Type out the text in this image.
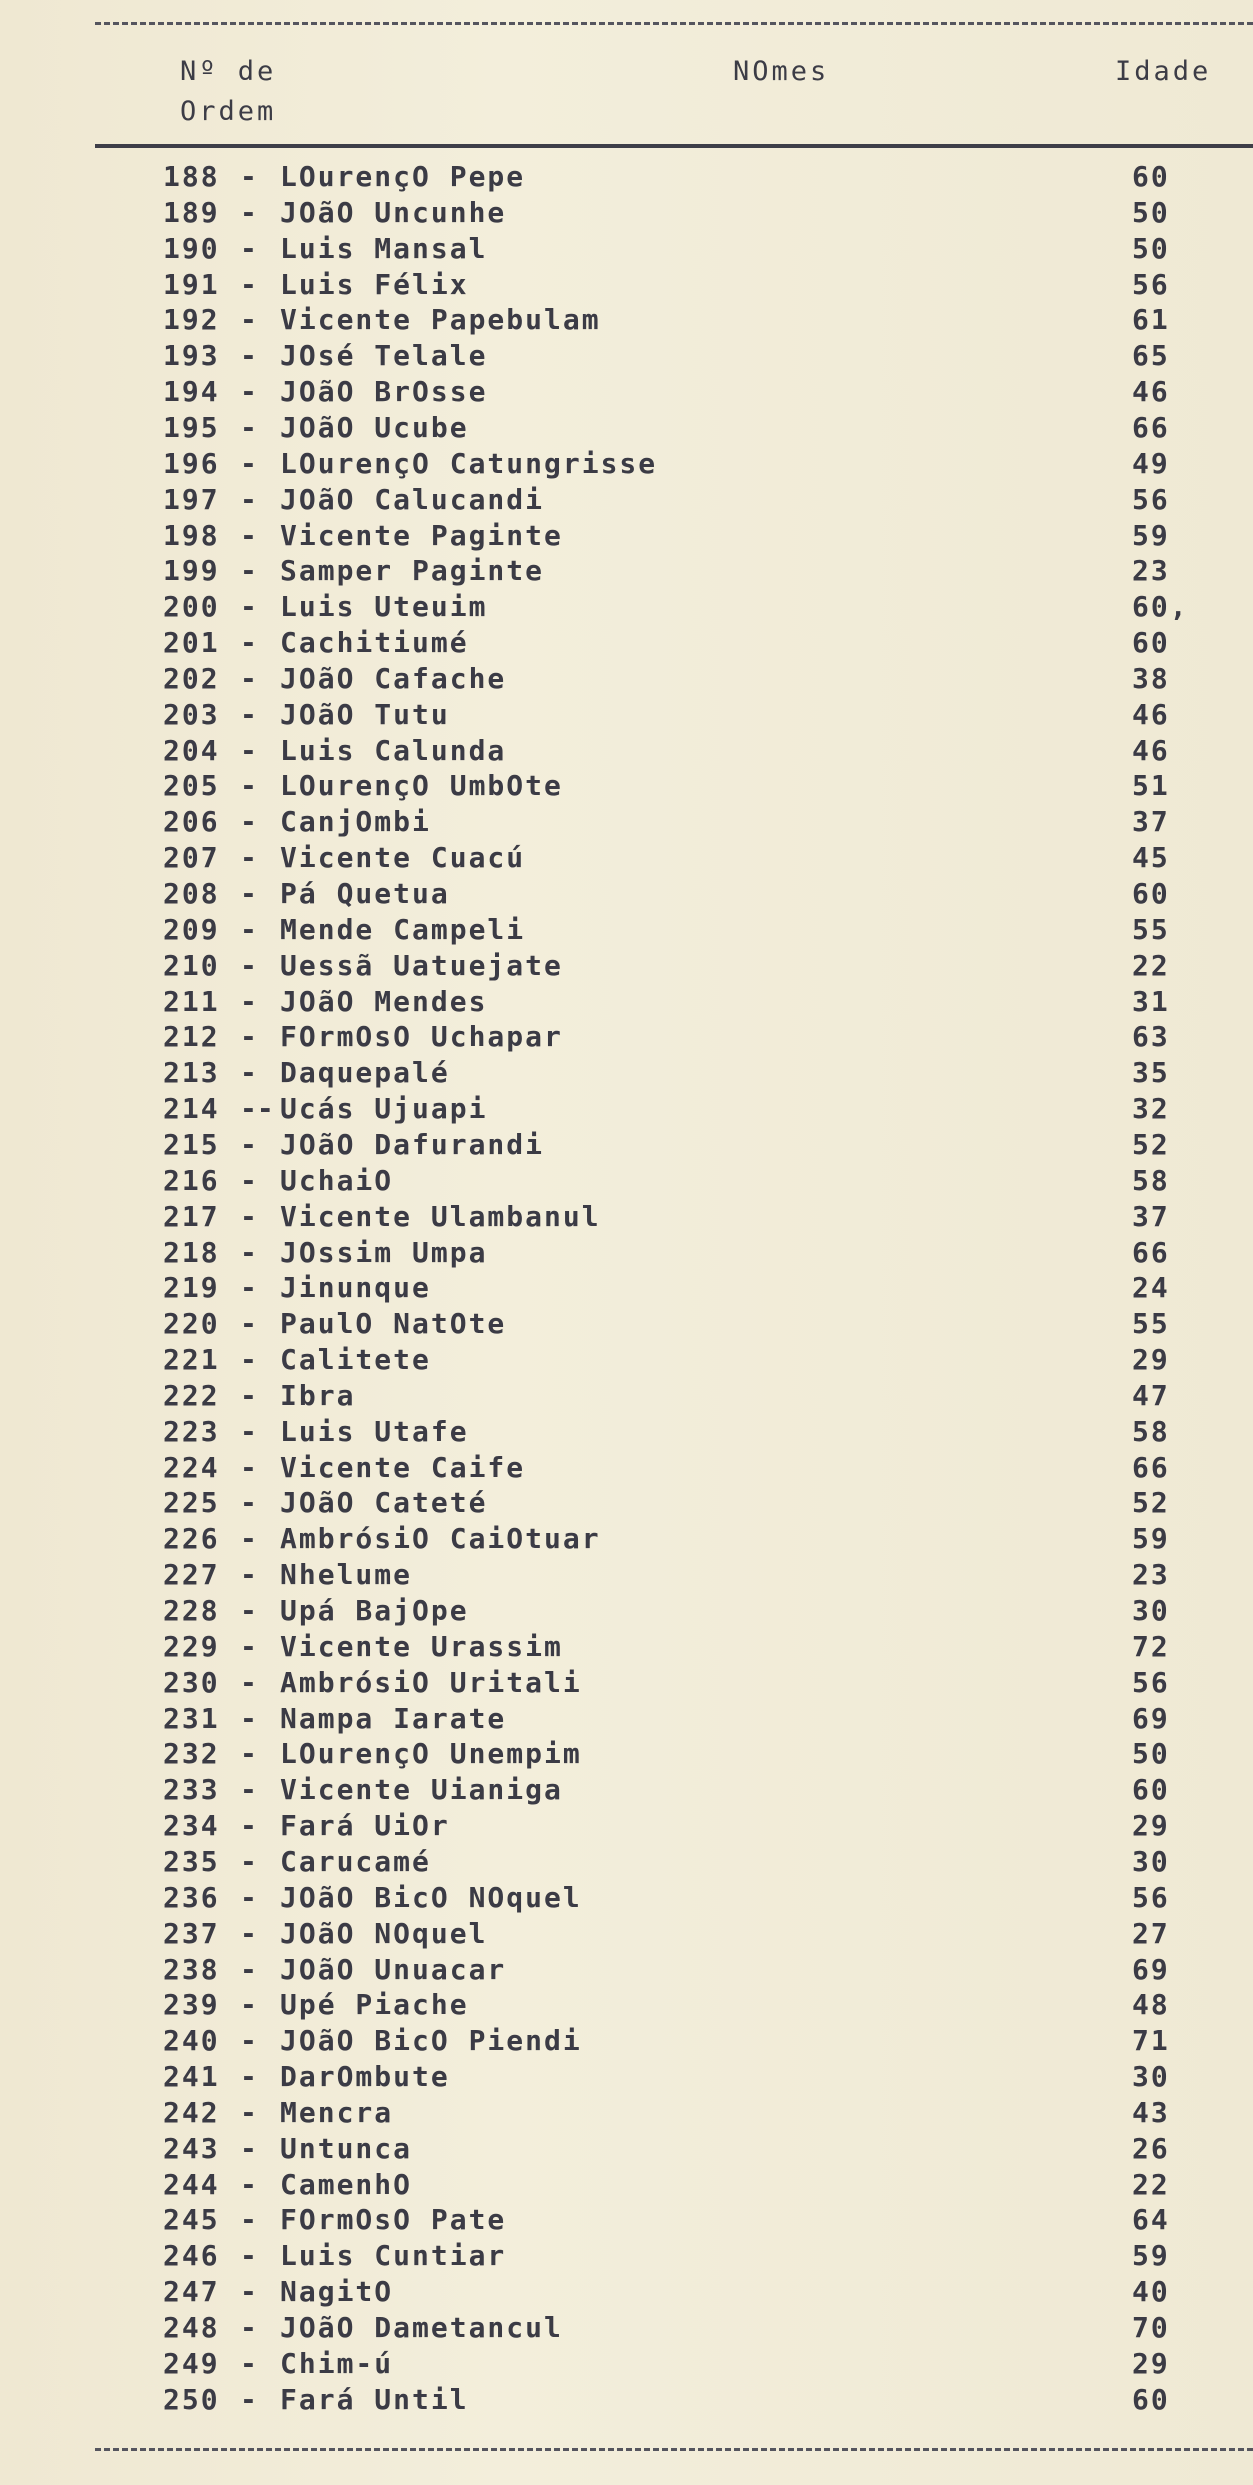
Nº de
Ordem
NOmes	Idade
188 - LOurençO Pepe	60
189 - JOãO Uncunhe	50
190 - Luis Mansal	50
191 - Luis Félix	56
192 - Vicente Papebulam	61
193 - JOsé Telale	65
194 - JOãO BrOsse	46
195 - JOãO Ucube	66
196 - LOurençO Catungrisse	49
197 - JOãO Calucandi	56
198 - Vicente Paginte	59
199 - Samper Paginte	23
200 - Luis Uteuim	60,
201 - Cachitiumé	60
202 - JOãO Cafache	38
203 - JOãO Tutu	46
204 - Luis Calunda	46
205 - LOurençO UmbOte	51
206 - CanjOmbi	37
207 - Vicente Cuacú	45
208 - Pá Quetua	60
209 - Mende Campeli	55
210 - Uessã Uatuejate	22
211 - JOãO Mendes	31
212 - FOrmOsO Uchapar	63
213 - Daquepalé	35
214 -- Ucás Ujuapi	32
215 - JOãO Dafurandi	52
216 - UchaiO	58
217 - Vicente Ulambanul	37
218 - JOssim Umpa	66
219 - Jinunque	24
220 - PaulO NatOte	55
221 - Calitete	29
222 - Ibra	47
223 - Luis Utafe	58
224 - Vicente Caife	66
225 - JOãO Cateté	52
226 - AmbrósiO CaiOtuar	59
227 - Nhelume	23
228 - Upá BajOpe	30
229 - Vicente Urassim	72
230 - AmbrósiO Uritali	56
231 - Nampa Iarate	69
232 - LOurençO Unempim	50
233 - Vicente Uianiga	60
234 - Fará UiOr	29
235 - Carucamé	30
236 - JOãO BicO NOquel	56
237 - JOãO NOquel	27
238 - JOãO Unuacar	69
239 - Upé Piache	48
240 - JOãO BicO Piendi	71
241 - DarOmbute	30
242 - Mencra	43
243 - Untunca	26
244 - CamenhO	22
245 - FOrmOsO Pate	64
246 - Luis Cuntiar	59
247 - NagitO	40
248 - JOãO Dametancul	70
249 - Chim-ú	29
250 - Fará Until	60
